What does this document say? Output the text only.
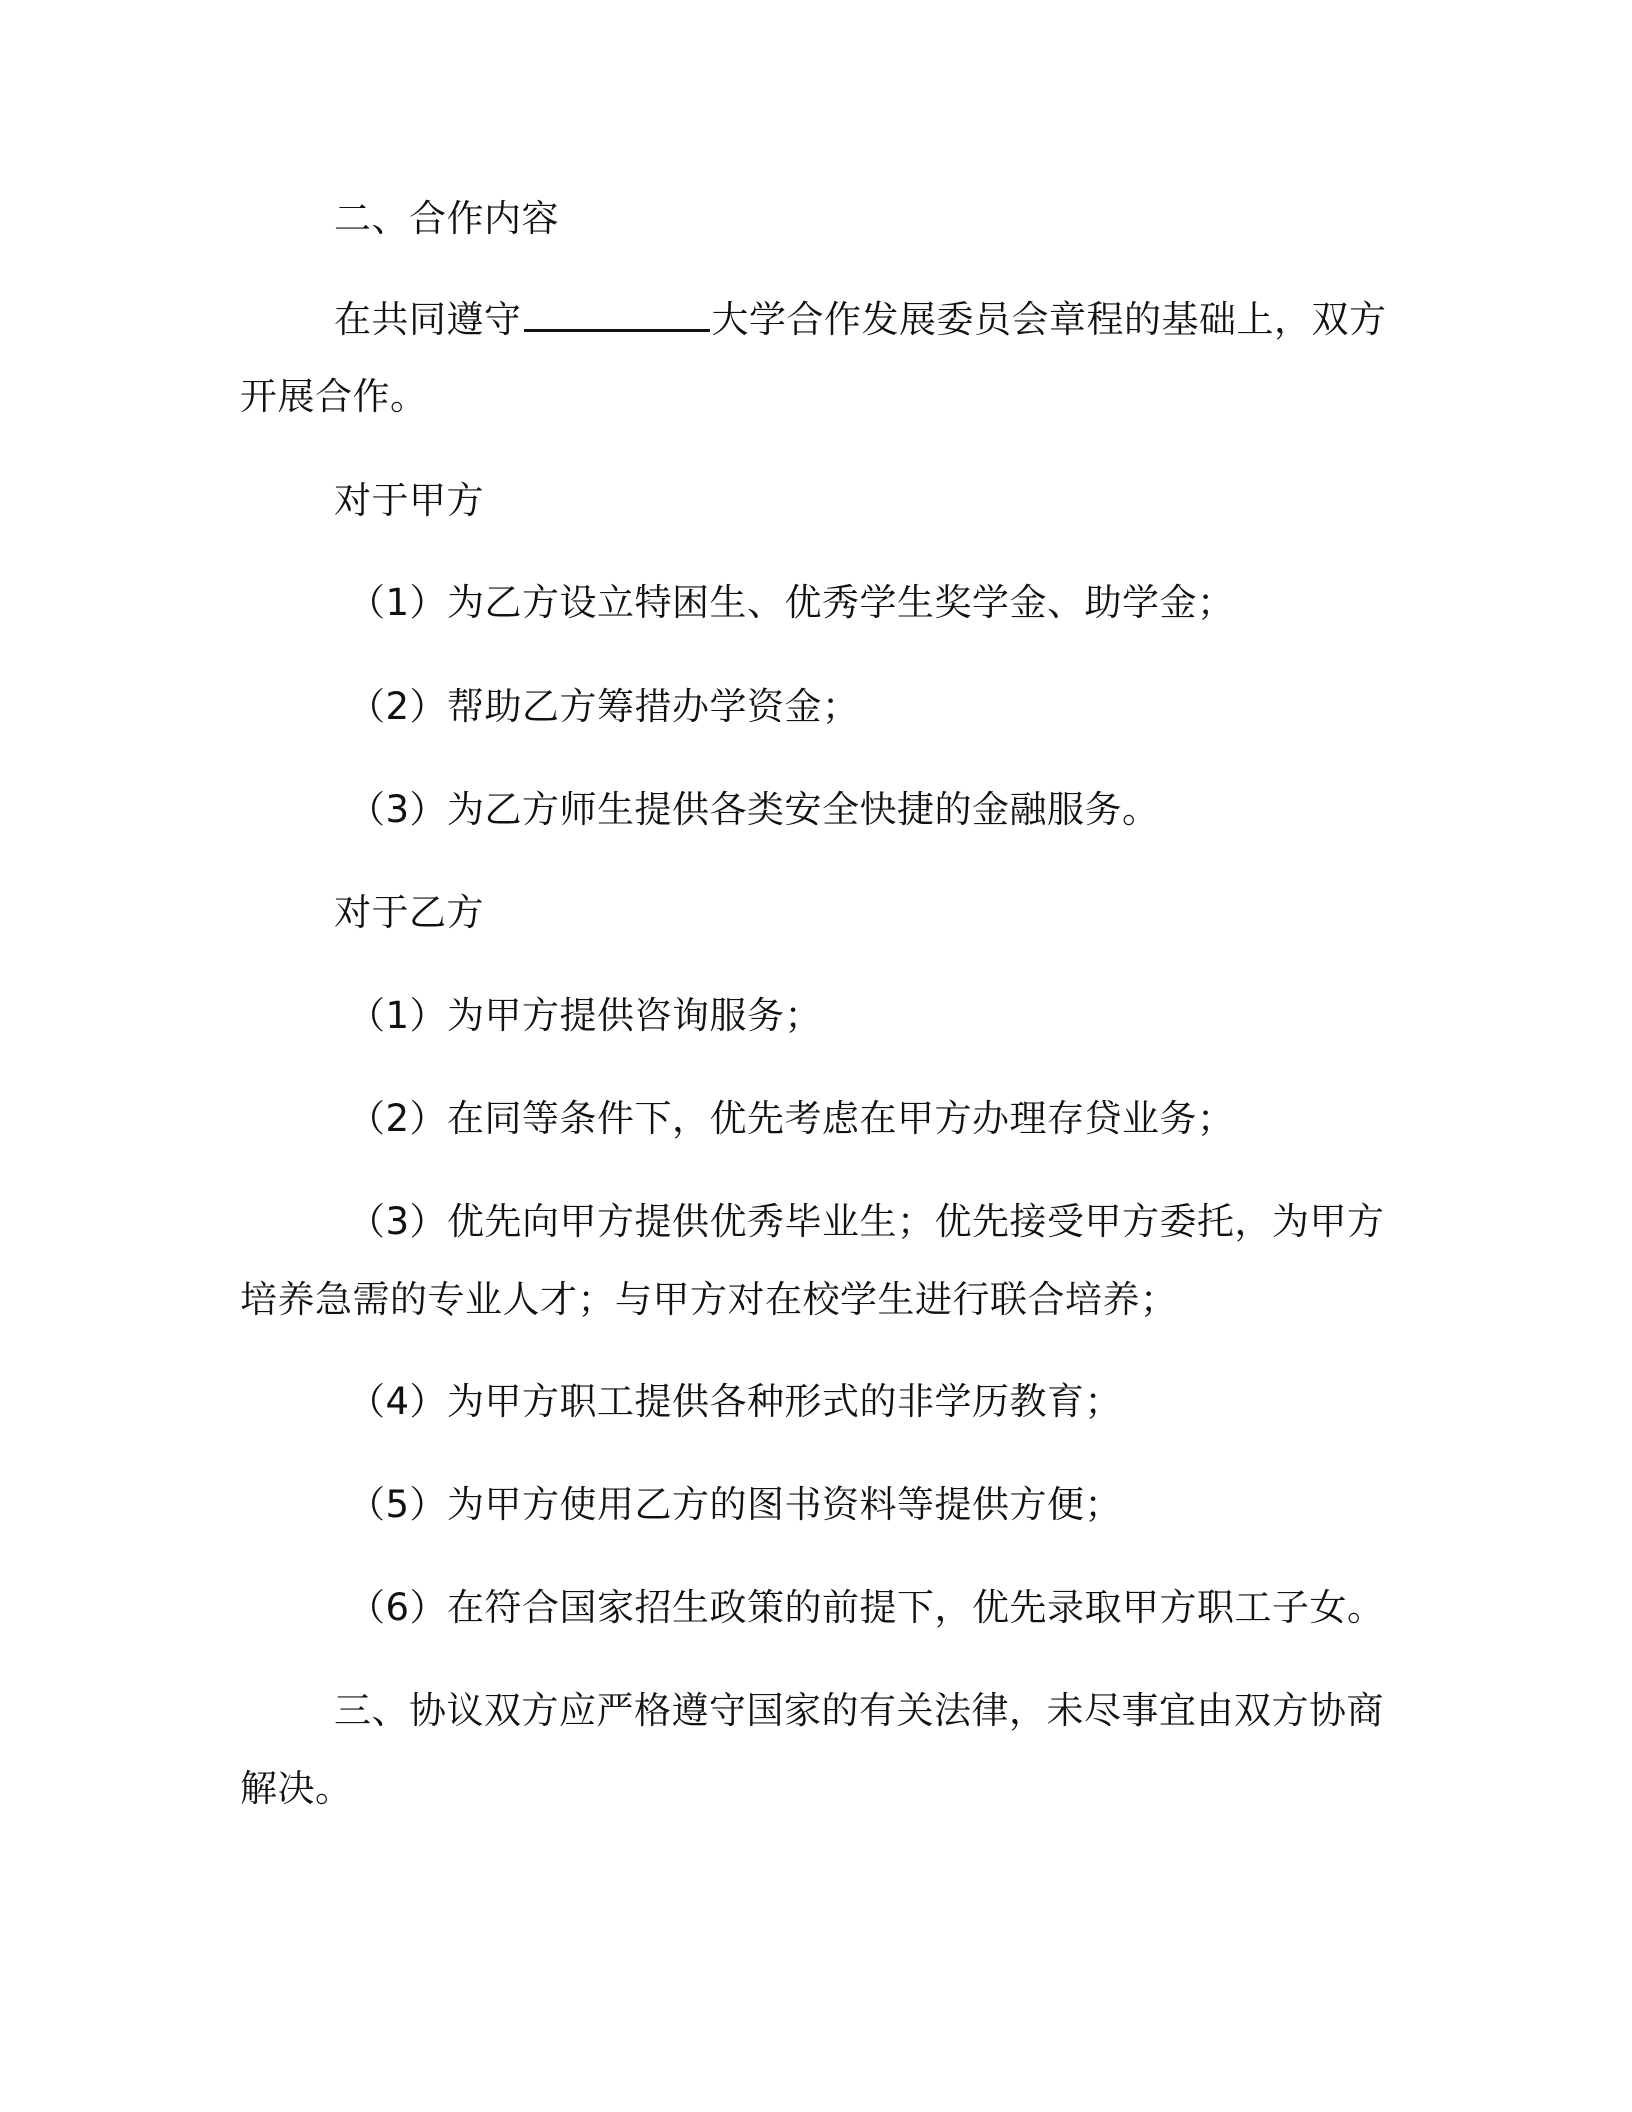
二、合作内容
在共同遵守	大学合作发展委员会章程的基础上，双方
开展合作。
对于甲方
（1）为乙方设立特困生、优秀学生奖学金、助学金；
（2）帮助乙方筹措办学资金；
（3）为乙方师生提供各类安全快捷的金融服务。
对于乙方
（1）为甲方提供咨询服务；
（2）在同等条件下，优先考虑在甲方办理存贷业务；
（3）优先向甲方提供优秀毕业生；优先接受甲方委托，为甲方
培养急需的专业人才；与甲方对在校学生进行联合培养；
（4）为甲方职工提供各种形式的非学历教育；
（5）为甲方使用乙方的图书资料等提供方便；
（6）在符合国家招生政策的前提下，优先录取甲方职工子女。
三、协议双方应严格遵守国家的有关法律，未尽事宜由双方协商
解决。
